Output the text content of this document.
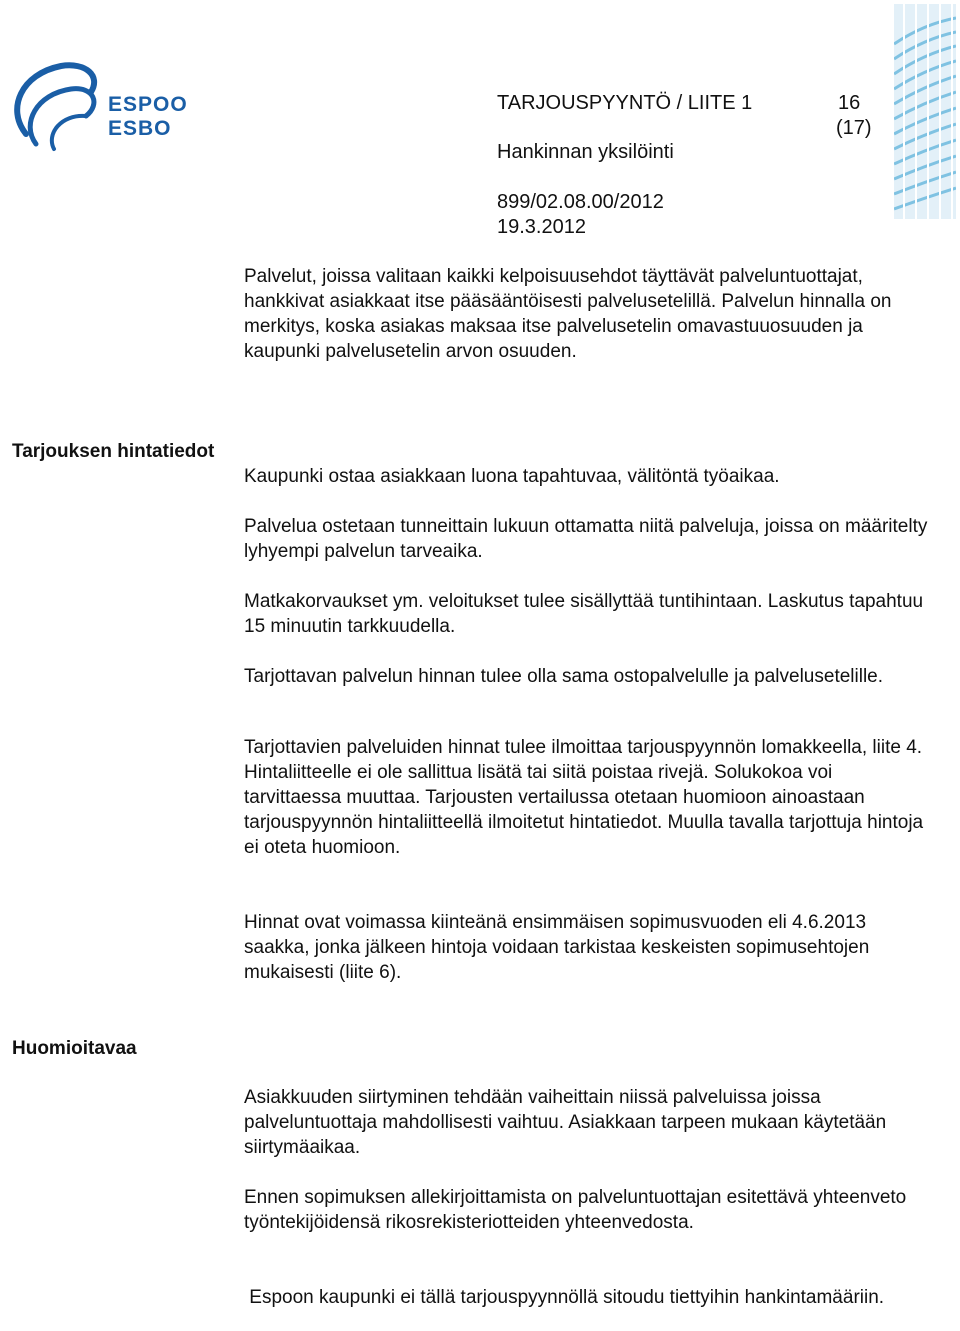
ESPOO
ESBO
TARJOUSPYYNTÖ / LIITE 1	16
(17)
Hankinnan yksilöinti
899/02.08.00/2012
19.3.2012

Palvelut, joissa valitaan kaikki kelpoisuusehdot täyttävät palveluntuottajat, hankkivat asiakkaat itse pääsääntöisesti palvelusetelillä. Palvelun hinnalla on merkitys, koska asiakas maksaa itse palvelusetelin omavastuuosuuden ja kaupunki palvelusetelin arvon osuuden.

Tarjouksen hintatiedot

Kaupunki ostaa asiakkaan luona tapahtuvaa, välitöntä työaikaa.

Palvelua ostetaan tunneittain lukuun ottamatta niitä palveluja, joissa on määritelty lyhyempi palvelun tarveaika.

Matkakorvaukset ym. veloitukset tulee sisällyttää tuntihintaan. Laskutus tapahtuu 15 minuutin tarkkuudella.

Tarjottavan palvelun hinnan tulee olla sama ostopalvelulle ja palvelusetelille.

Tarjottavien palveluiden hinnat tulee ilmoittaa tarjouspyynnön lomakkeella, liite 4. Hintaliitteelle ei ole sallittua lisätä tai siitä poistaa rivejä. Solukokoa voi tarvittaessa muuttaa. Tarjousten vertailussa otetaan huomioon ainoastaan tarjouspyynnön hintaliitteellä ilmoitetut hintatiedot. Muulla tavalla tarjottuja hintoja ei oteta huomioon.

Hinnat ovat voimassa kiinteänä ensimmäisen sopimusvuoden eli 4.6.2013 saakka, jonka jälkeen hintoja voidaan tarkistaa keskeisten sopimusehtojen mukaisesti (liite 6).

Huomioitavaa

Asiakkuuden siirtyminen tehdään vaiheittain niissä palveluissa joissa palveluntuottaja mahdollisesti vaihtuu. Asiakkaan tarpeen mukaan käytetään siirtymäaikaa.

Ennen sopimuksen allekirjoittamista on palveluntuottajan esitettävä yhteenveto työntekijöidensä rikosrekisteriotteiden yhteenvedosta.

Espoon kaupunki ei tällä tarjouspyynnöllä sitoudu tiettyihin hankintamääriin.
